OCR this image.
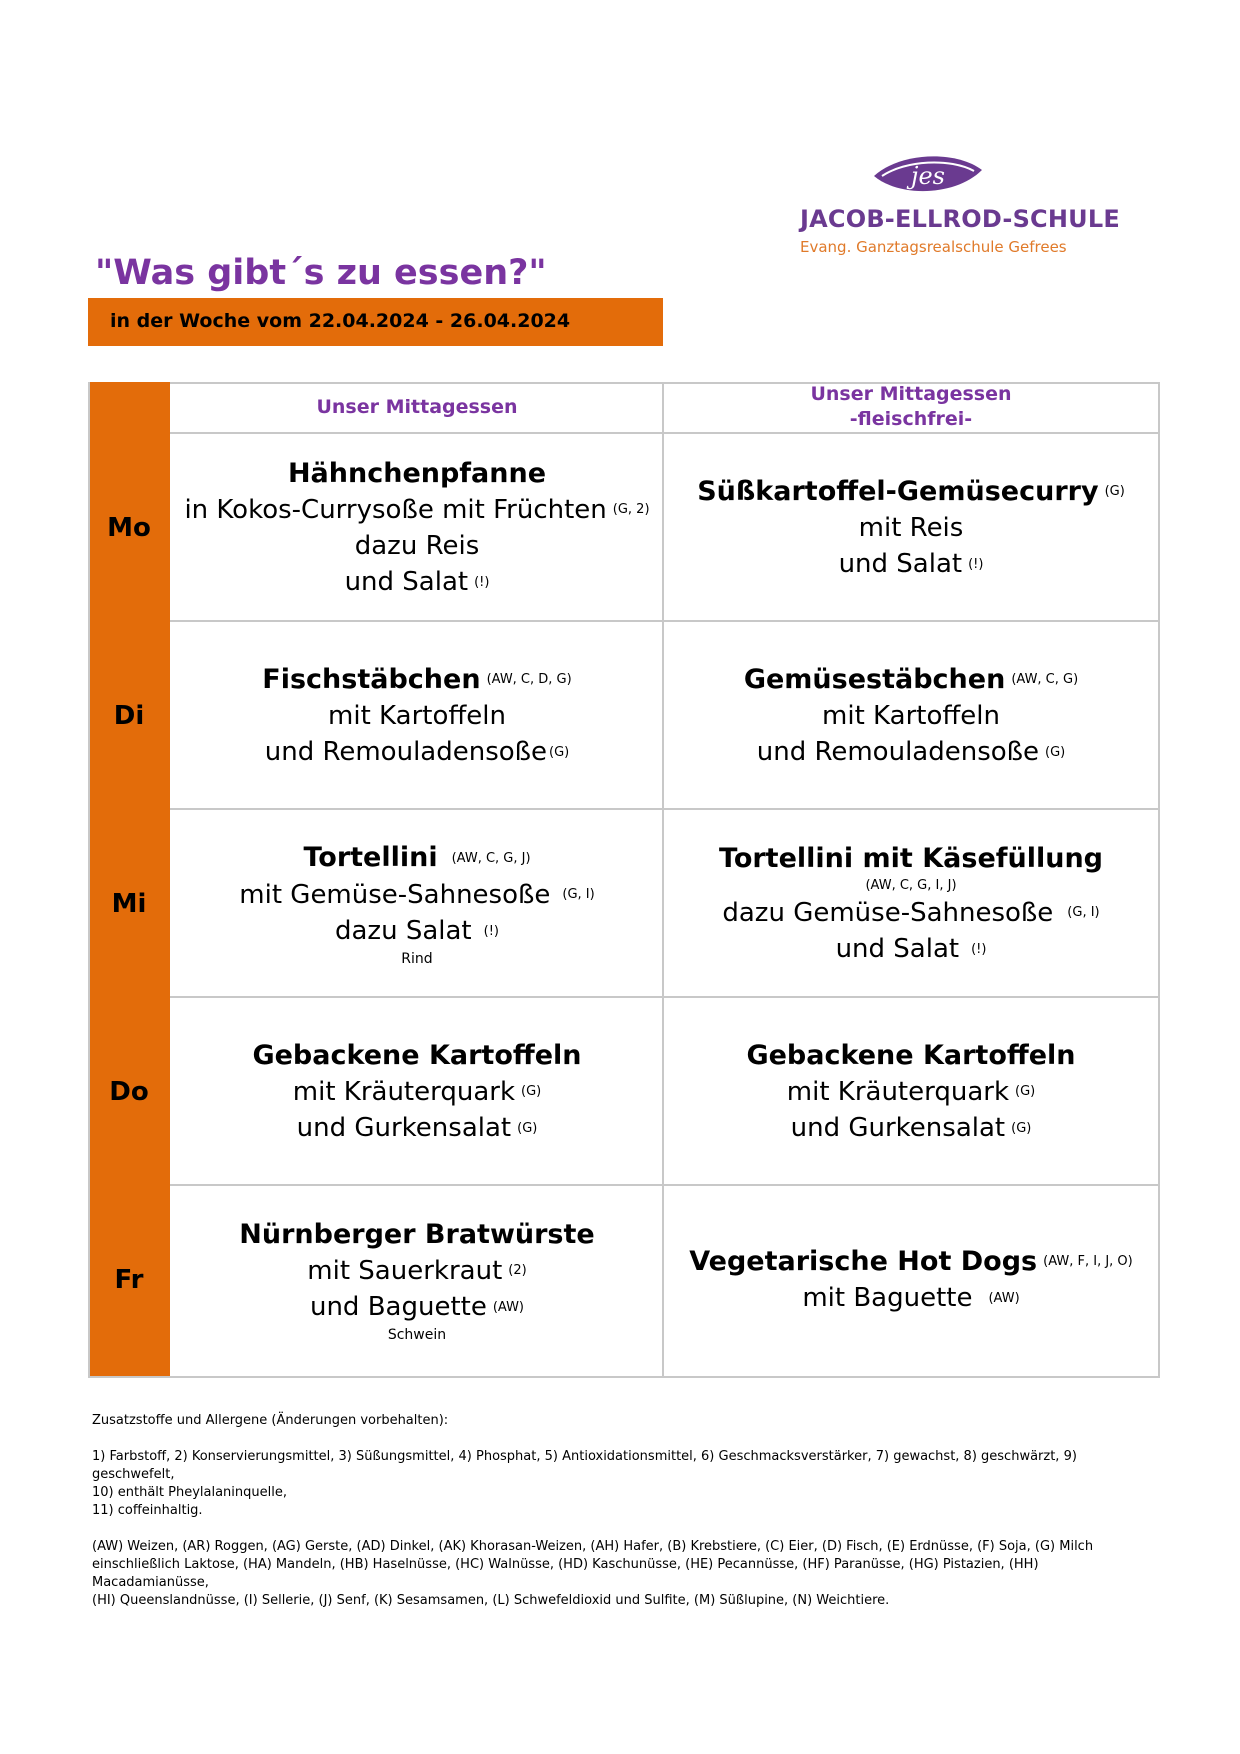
jes
JACOB-ELLROD-SCHULE
Evang. Ganztagsrealschule Gefrees
"Was gibt´s zu essen?"
in der Woche vom 22.04.2024 - 26.04.2024
Unser Mittagessen
Unser Mittagessen
-fleischfrei-
Mo
Hähnchenpfanne
in Kokos-Currysoße mit Früchten (G, 2)
dazu Reis
und Salat (!)
Süßkartoffel-Gemüsecurry (G)
mit Reis
und Salat (!)
Di
Fischstäbchen (AW, C, D, G)
mit Kartoffeln
und Remouladensoße (G)
Gemüsestäbchen (AW, C, G)
mit Kartoffeln
und Remouladensoße (G)
Mi
Tortellini (AW, C, G, J)
mit Gemüse-Sahnesoße (G, I)
dazu Salat (!)
Rind
Tortellini mit Käsefüllung
(AW, C, G, I, J)
dazu Gemüse-Sahnesoße (G, I)
und Salat (!)
Do
Gebackene Kartoffeln
mit Kräuterquark (G)
und Gurkensalat (G)
Gebackene Kartoffeln
mit Kräuterquark (G)
und Gurkensalat (G)
Fr
Nürnberger Bratwürste
mit Sauerkraut (2)
und Baguette (AW)
Schwein
Vegetarische Hot Dogs (AW, F, I, J, O)
mit Baguette (AW)

Zusatzstoffe und Allergene (Änderungen vorbehalten):

1) Farbstoff, 2) Konservierungsmittel, 3) Süßungsmittel, 4) Phosphat, 5) Antioxidationsmittel, 6) Geschmacksverstärker, 7) gewachst, 8) geschwärzt, 9) geschwefelt,

10) enthält Pheylalaninquelle,

11) coffeinhaltig.

(AW) Weizen, (AR) Roggen, (AG) Gerste, (AD) Dinkel, (AK) Khorasan-Weizen, (AH) Hafer, (B) Krebstiere, (C) Eier, (D) Fisch, (E) Erdnüsse, (F) Soja, (G) Milch

einschließlich Laktose, (HA) Mandeln, (HB) Haselnüsse, (HC) Walnüsse, (HD) Kaschunüsse, (HE) Pecannüsse, (HF) Paranüsse, (HG) Pistazien, (HH) Macadamianüsse,

(HI) Queenslandnüsse, (I) Sellerie, (J) Senf, (K) Sesamsamen, (L) Schwefeldioxid und Sulfite, (M) Süßlupine, (N) Weichtiere.
